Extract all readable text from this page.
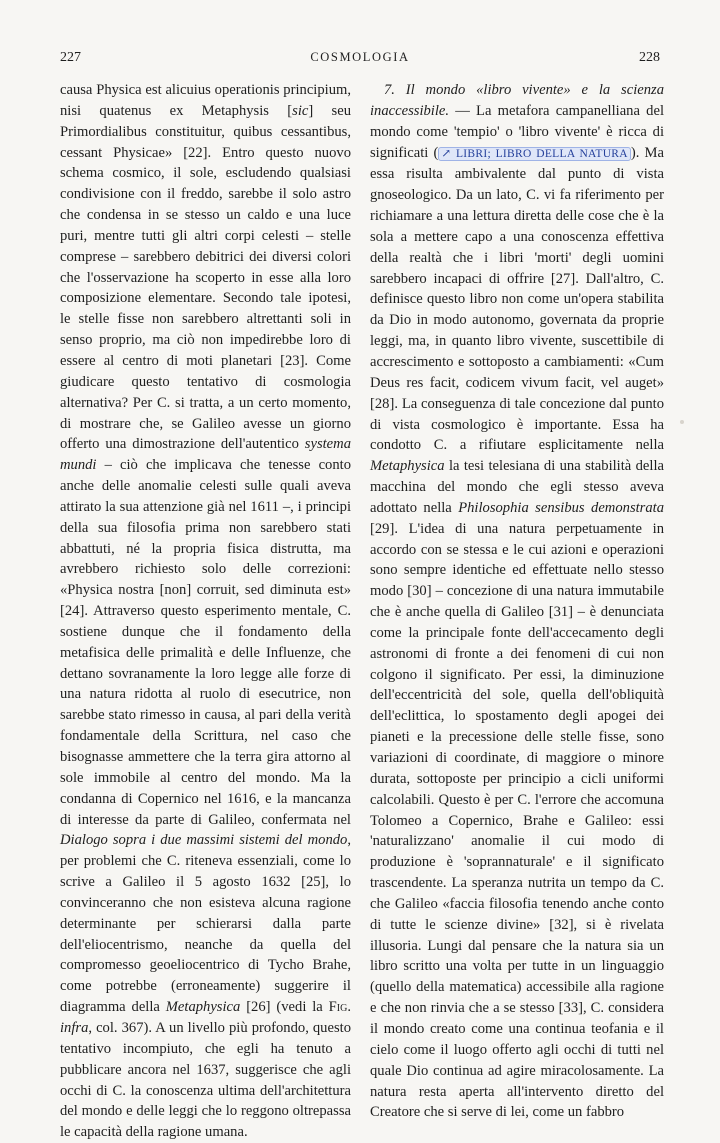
227	COSMOLOGIA	228

causa Physica est alicuius operationis principium, nisi quatenus ex Metaphysis [sic] seu Primordialibus constituitur, quibus cessantibus, cessant Physicae» [22]. Entro questo nuovo schema cosmico, il sole, escludendo qualsiasi condivisione con il freddo, sarebbe il solo astro che condensa in se stesso un caldo e una luce puri, mentre tutti gli altri corpi celesti – stelle comprese – sarebbero debitrici dei diversi colori che l'osservazione ha scoperto in esse alla loro composizione elementare. Secondo tale ipotesi, le stelle fisse non sarebbero altrettanti soli in senso proprio, ma ciò non impedirebbe loro di essere al centro di moti planetari [23]. Come giudicare questo tentativo di cosmologia alternativa? Per C. si tratta, a un certo momento, di mostrare che, se Galileo avesse un giorno offerto una dimostrazione dell'autentico systema mundi – ciò che implicava che tenesse conto anche delle anomalie celesti sulle quali aveva attirato la sua attenzione già nel 1611 –, i principi della sua filosofia prima non sarebbero stati abbattuti, né la propria fisica distrutta, ma avrebbero richiesto solo delle correzioni: «Physica nostra [non] corruit, sed diminuta est» [24]. Attraverso questo esperimento mentale, C. sostiene dunque che il fondamento della metafisica delle primalità e delle Influenze, che dettano sovranamente la loro legge alle forze di una natura ridotta al ruolo di esecutrice, non sarebbe stato rimesso in causa, al pari della verità fondamentale della Scrittura, nel caso che bisognasse ammettere che la terra gira attorno al sole immobile al centro del mondo. Ma la condanna di Copernico nel 1616, e la mancanza di interesse da parte di Galileo, confermata nel Dialogo sopra i due massimi sistemi del mondo, per problemi che C. riteneva essenziali, come lo scrive a Galileo il 5 agosto 1632 [25], lo convinceranno che non esisteva alcuna ragione determinante per schierarsi dalla parte dell'eliocentrismo, neanche da quella del compromesso geoeliocentrico di Tycho Brahe, come potrebbe (erroneamente) suggerire il diagramma della Metaphysica [26] (vedi la Fig. infra, col. 367). A un livello più profondo, questo tentativo incompiuto, che egli ha tenuto a pubblicare ancora nel 1637, suggerisce che agli occhi di C. la conoscenza ultima dell'architettura del mondo e delle leggi che lo reggono oltrepassa le capacità della ragione umana.

7. Il mondo «libro vivente» e la scienza inaccessibile. — La metafora campanelliana del mondo come 'tempio' o 'libro vivente' è ricca di significati ( ↗ LIBRI; LIBRO DELLA NATURA ). Ma essa risulta ambivalente dal punto di vista gnoseologico. Da un lato, C. vi fa riferimento per richiamare a una lettura diretta delle cose che è la sola a mettere capo a una conoscenza effettiva della realtà che i libri 'morti' degli uomini sarebbero incapaci di offrire [27]. Dall'altro, C. definisce questo libro non come un'opera stabilita da Dio in modo autonomo, governata da proprie leggi, ma, in quanto libro vivente, suscettibile di accrescimento e sottoposto a cambiamenti: «Cum Deus res facit, codicem vivum facit, vel auget» [28]. La conseguenza di tale concezione dal punto di vista cosmologico è importante. Essa ha condotto C. a rifiutare esplicitamente nella Metaphysica la tesi telesiana di una stabilità della macchina del mondo che egli stesso aveva adottato nella Philosophia sensibus demonstrata [29]. L'idea di una natura perpetuamente in accordo con se stessa e le cui azioni e operazioni sono sempre identiche ed effettuate nello stesso modo [30] – concezione di una natura immutabile che è anche quella di Galileo [31] – è denunciata come la principale fonte dell'accecamento degli astronomi di fronte a dei fenomeni di cui non colgono il significato. Per essi, la diminuzione dell'eccentricità del sole, quella dell'obliquità dell'eclittica, lo spostamento degli apogei dei pianeti e la precessione delle stelle fisse, sono variazioni di coordinate, di maggiore o minore durata, sottoposte per principio a cicli uniformi calcolabili. Questo è per C. l'errore che accomuna Tolomeo a Copernico, Brahe e Galileo: essi 'naturalizzano' anomalie il cui modo di produzione è 'soprannaturale' e il significato trascendente. La speranza nutrita un tempo da C. che Galileo «faccia filosofia tenendo anche conto di tutte le scienze divine» [32], si è rivelata illusoria. Lungi dal pensare che la natura sia un libro scritto una volta per tutte in un linguaggio (quello della matematica) accessibile alla ragione e che non rinvia che a se stesso [33], C. considera il mondo creato come una continua teofania e il cielo come il luogo offerto agli occhi di tutti nel quale Dio continua ad agire miracolosamente. La natura resta aperta all'intervento diretto del Creatore che si serve di lei, come un fabbro
